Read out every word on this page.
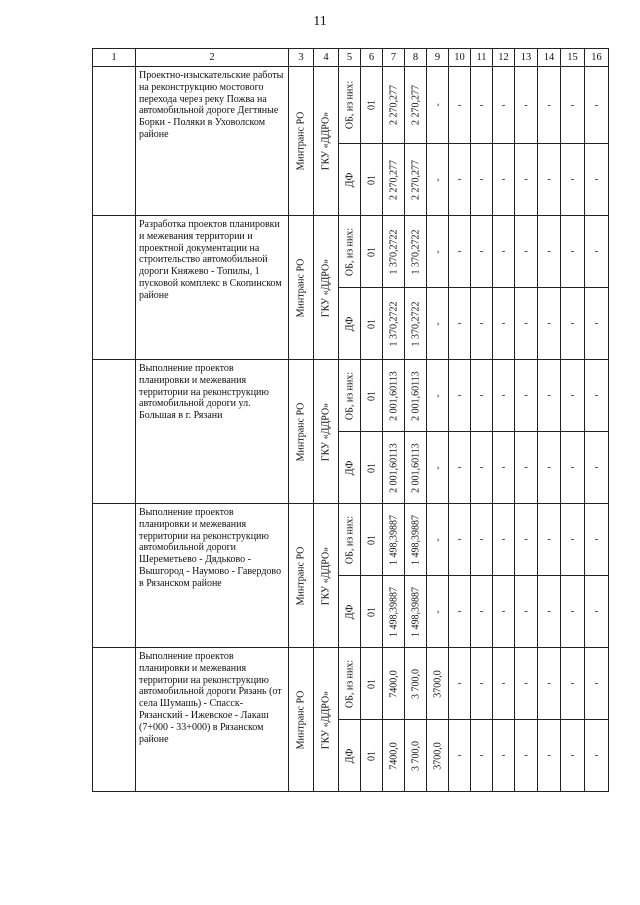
11
1	2	3	4	5	6	7	8	9	10	11	12	13	14	15	16
	Проектно-изыскательские работы на реконструкцию мостового перехода через реку Пожва на автомобильной дороге Дегтяные Борки - Поляки в Уховолском районе	Минтранс РО	ГКУ «ДДРО»	ОБ, из них:	01	2 270,277	2 270,277	-	-	-	-	-	-	-	-

				ДФ	01	2 270,277	2 270,277	-	-	-	-	-	-	-	-
	Разработка проектов планировки и межевания территории и проектной документации на строительство автомобильной дороги Княжево - Топилы, 1 пусковой комплекс в Скопинском районе	Минтранс РО	ГКУ «ДДРО»	ОБ, из них:	01	1 370,2722	1 370,2722	-	-	-	-	-	-	-	-

				ДФ	01	1 370,2722	1 370,2722	-	-	-	-	-	-	-	-
	Выполнение проектов планировки и межевания территории на реконструкцию автомобильной дороги ул. Большая в г. Рязани	Минтранс РО	ГКУ «ДДРО»	ОБ, из них:	01	2 001,60113	2 001,60113	-	-	-	-	-	-	-	-

				ДФ	01	2 001,60113	2 001,60113	-	-	-	-	-	-	-	-
	Выполнение проектов планировки и межевания территории на реконструкцию автомобильной дороги Шереметьево - Дядьково - Вышгород - Наумово - Гавердово в Рязанском районе	Минтранс РО	ГКУ «ДДРО»	ОБ, из них:	01	1 498,39887	1 498,39887	-	-	-	-	-	-	-	-

				ДФ	01	1 498,39887	1 498,39887	-	-	-	-	-	-	-	-
	Выполнение проектов планировки и межевания территории на реконструкцию автомобильной дороги Рязань (от села Шумашь) - Спасск-Рязанский - Ижевское - Лакаш (7+000 - 33+000) в Рязанском районе	Минтранс РО	ГКУ «ДДРО»	ОБ, из них:	01	7400,0	3 700,0	3700,0	-	-	-	-	-	-	-

				ДФ	01	7400,0	3 700,0	3700,0	-	-	-	-	-	-	-
